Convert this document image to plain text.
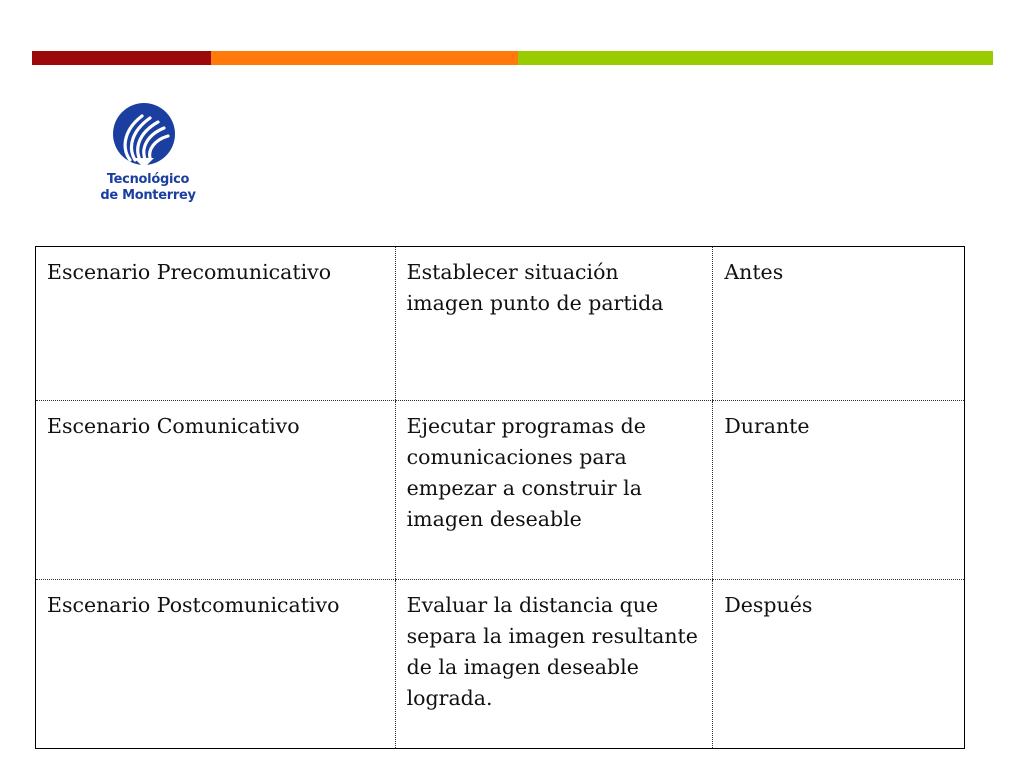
Tecnológico
de Monterrey
Escenario Precomunicativo	Establecer situación imagen punto de partida	Antes
Escenario Comunicativo	Ejecutar programas de comunicaciones para empezar a construir la imagen deseable	Durante
Escenario Postcomunicativo	Evaluar la distancia que separa la imagen resultante de la imagen deseable lograda.	Después
